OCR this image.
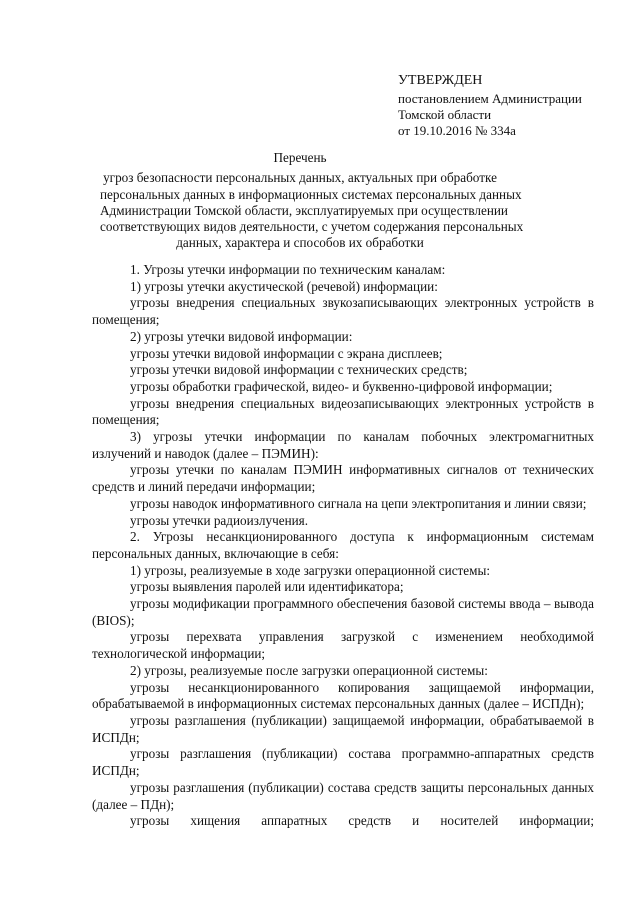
УТВЕРЖДЕН
постановлением Администрации
Томской области
от 19.10.2016 № 334а
Перечень
угроз безопасности персональных данных, актуальных при обработке
персональных данных в информационных системах персональных данных
Администрации Томской области, эксплуатируемых при осуществлении
соответствующих видов деятельности, с учетом содержания персональных
данных, характера и способов их обработки

1. Угрозы утечки информации по техническим каналам:

1) угрозы утечки акустической (речевой) информации:

угрозы внедрения специальных звукозаписывающих электронных устройств в помещения;

2) угрозы утечки видовой информации:

угрозы утечки видовой информации с экрана дисплеев;

угрозы утечки видовой информации с технических средств;

угрозы обработки графической, видео- и буквенно-цифровой информации;

угрозы внедрения специальных видеозаписывающих электронных устройств в помещения;

3) угрозы утечки информации по каналам побочных электромагнитных излучений и наводок (далее – ПЭМИН):

угрозы утечки по каналам ПЭМИН информативных сигналов от технических средств и линий передачи информации;

угрозы наводок информативного сигнала на цепи электропитания и линии связи;

угрозы утечки радиоизлучения.

2. Угрозы несанкционированного доступа к информационным системам персональных данных, включающие в себя:

1) угрозы, реализуемые в ходе загрузки операционной системы:

угрозы выявления паролей или идентификатора;

угрозы модификации программного обеспечения базовой системы ввода – вывода (BIOS);

угрозы перехвата управления загрузкой с изменением необходимой технологической информации;

2) угрозы, реализуемые после загрузки операционной системы:

угрозы несанкционированного копирования защищаемой информации, обрабатываемой в информационных системах персональных данных (далее – ИСПДн);

угрозы разглашения (публикации) защищаемой информации, обрабатываемой в ИСПДн;

угрозы разглашения (публикации) состава программно-аппаратных средств ИСПДн;

угрозы разглашения (публикации) состава средств защиты персональных данных (далее – ПДн);

угрозы хищения аппаратных средств и носителей информации;
